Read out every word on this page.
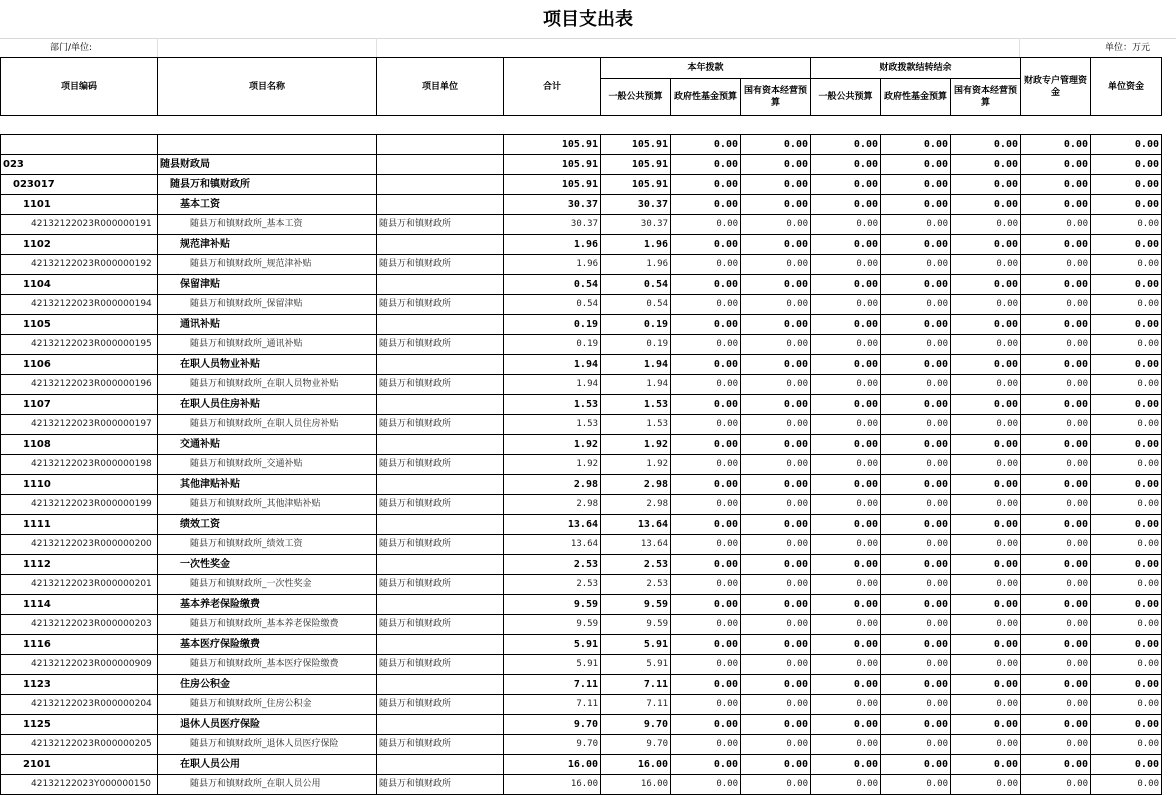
项目支出表
部门/单位:	单位：万元
项目编码	项目名称	项目单位	合计	本年拨款			财政拨款结转结余			财政专户管理资金	单位资金
				一般公共预算	政府性基金预算	国有资本经营预算	一般公共预算	政府性基金预算	国有资本经营预算		

			105.91	105.91	0.00	0.00	0.00	0.00	0.00	0.00	0.00
023	随县财政局		105.91	105.91	0.00	0.00	0.00	0.00	0.00	0.00	0.00
023017	随县万和镇财政所		105.91	105.91	0.00	0.00	0.00	0.00	0.00	0.00	0.00
1101	基本工资		30.37	30.37	0.00	0.00	0.00	0.00	0.00	0.00	0.00
42132122023R000000191	随县万和镇财政所_基本工资	随县万和镇财政所	30.37	30.37	0.00	0.00	0.00	0.00	0.00	0.00	0.00
1102	规范津补贴		1.96	1.96	0.00	0.00	0.00	0.00	0.00	0.00	0.00
42132122023R000000192	随县万和镇财政所_规范津补贴	随县万和镇财政所	1.96	1.96	0.00	0.00	0.00	0.00	0.00	0.00	0.00
1104	保留津贴		0.54	0.54	0.00	0.00	0.00	0.00	0.00	0.00	0.00
42132122023R000000194	随县万和镇财政所_保留津贴	随县万和镇财政所	0.54	0.54	0.00	0.00	0.00	0.00	0.00	0.00	0.00
1105	通讯补贴		0.19	0.19	0.00	0.00	0.00	0.00	0.00	0.00	0.00
42132122023R000000195	随县万和镇财政所_通讯补贴	随县万和镇财政所	0.19	0.19	0.00	0.00	0.00	0.00	0.00	0.00	0.00
1106	在职人员物业补贴		1.94	1.94	0.00	0.00	0.00	0.00	0.00	0.00	0.00
42132122023R000000196	随县万和镇财政所_在职人员物业补贴	随县万和镇财政所	1.94	1.94	0.00	0.00	0.00	0.00	0.00	0.00	0.00
1107	在职人员住房补贴		1.53	1.53	0.00	0.00	0.00	0.00	0.00	0.00	0.00
42132122023R000000197	随县万和镇财政所_在职人员住房补贴	随县万和镇财政所	1.53	1.53	0.00	0.00	0.00	0.00	0.00	0.00	0.00
1108	交通补贴		1.92	1.92	0.00	0.00	0.00	0.00	0.00	0.00	0.00
42132122023R000000198	随县万和镇财政所_交通补贴	随县万和镇财政所	1.92	1.92	0.00	0.00	0.00	0.00	0.00	0.00	0.00
1110	其他津贴补贴		2.98	2.98	0.00	0.00	0.00	0.00	0.00	0.00	0.00
42132122023R000000199	随县万和镇财政所_其他津贴补贴	随县万和镇财政所	2.98	2.98	0.00	0.00	0.00	0.00	0.00	0.00	0.00
1111	绩效工资		13.64	13.64	0.00	0.00	0.00	0.00	0.00	0.00	0.00
42132122023R000000200	随县万和镇财政所_绩效工资	随县万和镇财政所	13.64	13.64	0.00	0.00	0.00	0.00	0.00	0.00	0.00
1112	一次性奖金		2.53	2.53	0.00	0.00	0.00	0.00	0.00	0.00	0.00
42132122023R000000201	随县万和镇财政所_一次性奖金	随县万和镇财政所	2.53	2.53	0.00	0.00	0.00	0.00	0.00	0.00	0.00
1114	基本养老保险缴费		9.59	9.59	0.00	0.00	0.00	0.00	0.00	0.00	0.00
42132122023R000000203	随县万和镇财政所_基本养老保险缴费	随县万和镇财政所	9.59	9.59	0.00	0.00	0.00	0.00	0.00	0.00	0.00
1116	基本医疗保险缴费		5.91	5.91	0.00	0.00	0.00	0.00	0.00	0.00	0.00
42132122023R000000909	随县万和镇财政所_基本医疗保险缴费	随县万和镇财政所	5.91	5.91	0.00	0.00	0.00	0.00	0.00	0.00	0.00
1123	住房公积金		7.11	7.11	0.00	0.00	0.00	0.00	0.00	0.00	0.00
42132122023R000000204	随县万和镇财政所_住房公积金	随县万和镇财政所	7.11	7.11	0.00	0.00	0.00	0.00	0.00	0.00	0.00
1125	退休人员医疗保险		9.70	9.70	0.00	0.00	0.00	0.00	0.00	0.00	0.00
42132122023R000000205	随县万和镇财政所_退休人员医疗保险	随县万和镇财政所	9.70	9.70	0.00	0.00	0.00	0.00	0.00	0.00	0.00
2101	在职人员公用		16.00	16.00	0.00	0.00	0.00	0.00	0.00	0.00	0.00
42132122023Y000000150	随县万和镇财政所_在职人员公用	随县万和镇财政所	16.00	16.00	0.00	0.00	0.00	0.00	0.00	0.00	0.00
